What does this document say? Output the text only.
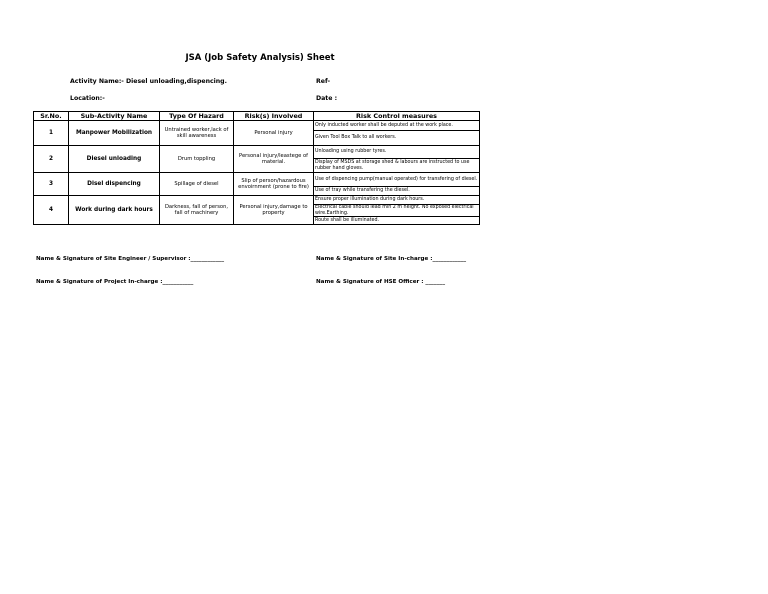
JSA (Job Safety Analysis) Sheet
Activity Name:- Diesel unloading,dispencing.	Ref-
Location:-	Date :
Sr.No.	Sub-Activity Name	Type Of Hazard	Risk(s) Involved	Risk Control measures
1	Manpower Mobilization	Untrained worker,lack of skill awareness	Personal injury	Only inducted worker shall be deputed at the work place.
				Given Tool Box Talk to all workers.
2	Diesel unloading	Drum toppling	Personal injury/leastege of material.	Unloading using rubber tyres.
				Display of MSDS at storage shed & labours are instructed to use rubber hand gloves.
3	Disel dispencing	Spillage of diesel	Slip of person/hazardous envoirnment (prone to fire)	Use of dispencing pump(manual operated) for transfering of diesel.
				Use of tray while transfering the diesel.
4	Work during dark hours	Darkness, fall of person, fall of machinery	Personal injury,damage to property	Ensure proper illumination during dark hours.
				Electrical cable should lead min 2 m height. No exposed electrical wire.Earthing.
				Route shall be illuminated.
Name & Signature of Site Engineer / Supervisor :____________	Name & Signature of Site In-charge :____________
Name & Signature of Project In-charge :___________	Name & Signature of HSE Officer : _______
